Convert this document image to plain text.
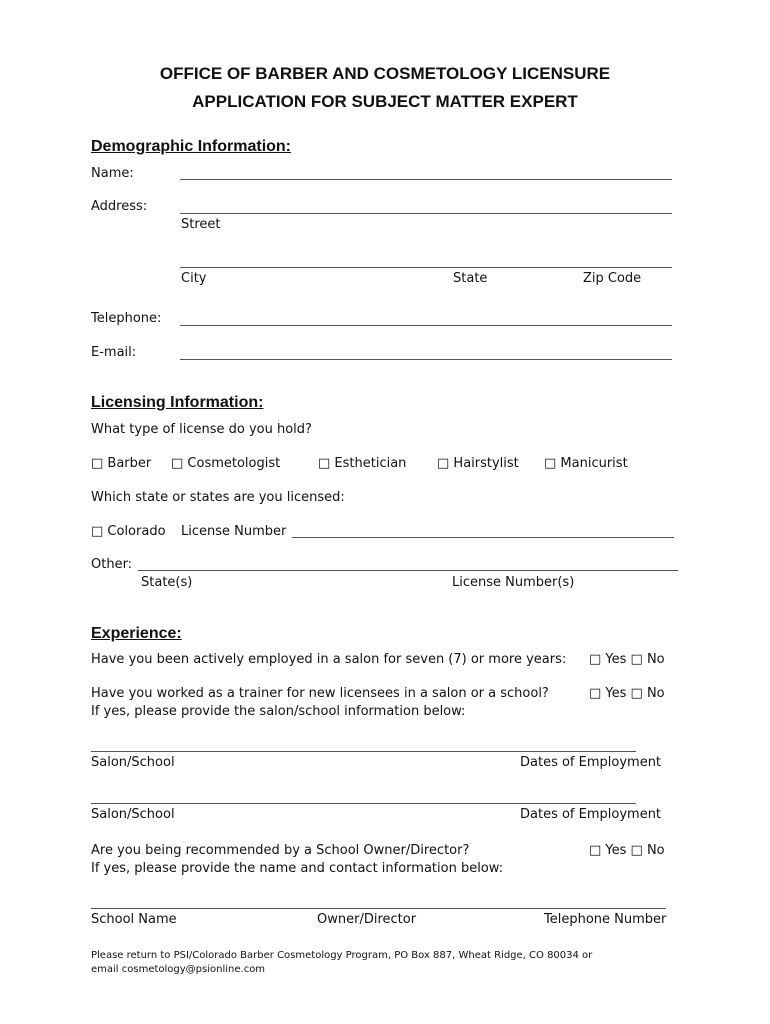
OFFICE OF BARBER AND COSMETOLOGY LICENSURE
APPLICATION FOR SUBJECT MATTER EXPERT
Demographic Information:
Name:
Address:
Street
City	State	Zip Code
Telephone:
E-mail:
Licensing Information:
What type of license do you hold?
□ Barber □ Cosmetologist	□ Esthetician □ Hairstylist □ Manicurist
Which state or states are you licensed:
□ Colorado License Number
Other:
State(s)	License Number(s)
Experience:
Have you been actively employed in a salon for seven (7) or more years: □ Yes □ No
Have you worked as a trainer for new licensees in a salon or a school?	□ Yes □ No
If yes, please provide the salon/school information below:
Salon/School	Dates of Employment
Salon/School	Dates of Employment
Are you being recommended by a School Owner/Director?	□ Yes □ No
If yes, please provide the name and contact information below:
School Name	Owner/Director	Telephone Number
Please return to PSI/Colorado Barber Cosmetology Program, PO Box 887, Wheat Ridge, CO 80034 or
email cosmetology@psionline.com
